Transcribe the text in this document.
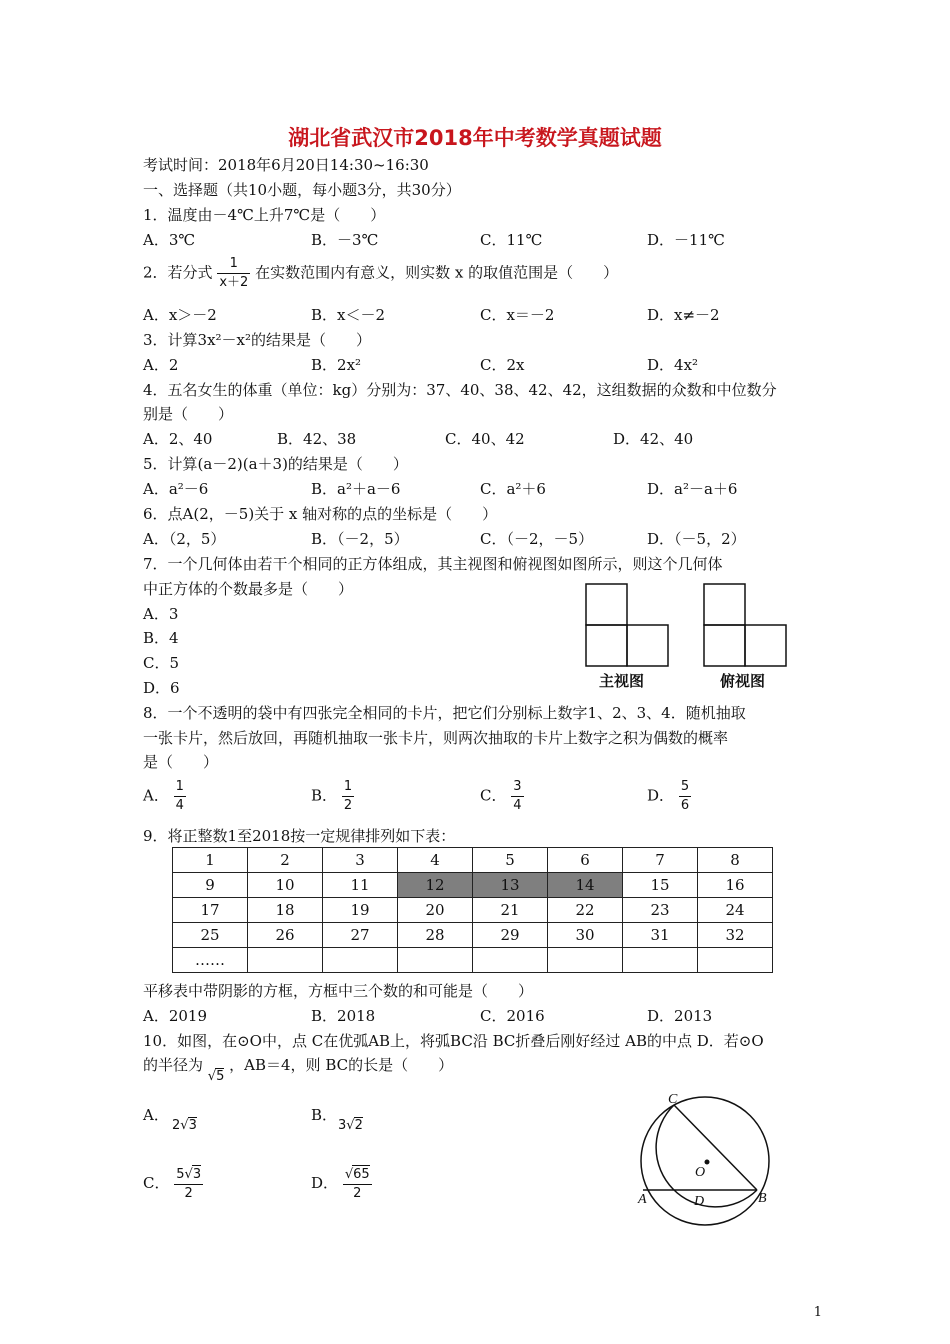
湖北省武汉市2018年中考数学真题试题
考试时间：2018年6月20日14:30~16:30
一、选择题（共10小题，每小题3分，共30分）
1．温度由－4℃上升7℃是（　　）
A．3℃	B．－3℃	C．11℃	D．－11℃
2．若分式 $\frac{1}{x+2}$ 在实数范围内有意义，则实数 x 的取值范围是（　　）
A．x＞－2	B．x＜－2	C．x＝－2	D．x≠－2
3．计算3x²－x²的结果是（　　）
A．2	B．2x²	C．2x	D．4x²
4．五名女生的体重（单位：kg）分别为：37、40、38、42、42，这组数据的众数和中位数分
别是（　　）
A．2、40	B．42、38	C．40、42	D．42、40
5．计算(a－2)(a＋3)的结果是（　　）
A．a²－6	B．a²＋a－6	C．a²＋6	D．a²－a＋6
6．点A(2，－5)关于 x 轴对称的点的坐标是（　　）
A．（2，5）	B．（－2，5）	C．（－2，－5）	D．（－5，2）
7．一个几何体由若干个相同的正方体组成，其主视图和俯视图如图所示，则这个几何体
中正方体的个数最多是（　　）
A．3
B．4
C．5
D．6	主视图	俯视图
8．一个不透明的袋中有四张完全相同的卡片，把它们分别标上数字1、2、3、4．随机抽取
一张卡片，然后放回，再随机抽取一张卡片，则两次抽取的卡片上数字之积为偶数的概率
是（　　）
A． $\frac{1}{4}$	B． $\frac{1}{2}$	C． $\frac{3}{4}$	D． $\frac{5}{6}$
9．将正整数1至2018按一定规律排列如下表：
1	2	3	4	5	6	7	8
9	10	11	12	13	14	15	16
17	18	19	20	21	22	23	24
25	26	27	28	29	30	31	32
……							
平移表中带阴影的方框，方框中三个数的和可能是（　　）
A．2019	B．2018	C．2016	D．2013
10．如图，在⊙O中，点 C在优弧AB上，将弧BC沿 BC折叠后刚好经过 AB的中点 D．若⊙O
的半径为 √5 ，AB＝4，则 BC的长是（　　）
A．
2√3
B．
3√2
C． $\frac{5√3}{2}$	D． $\frac{√65}{2}$
C
O
A	D	B
1
